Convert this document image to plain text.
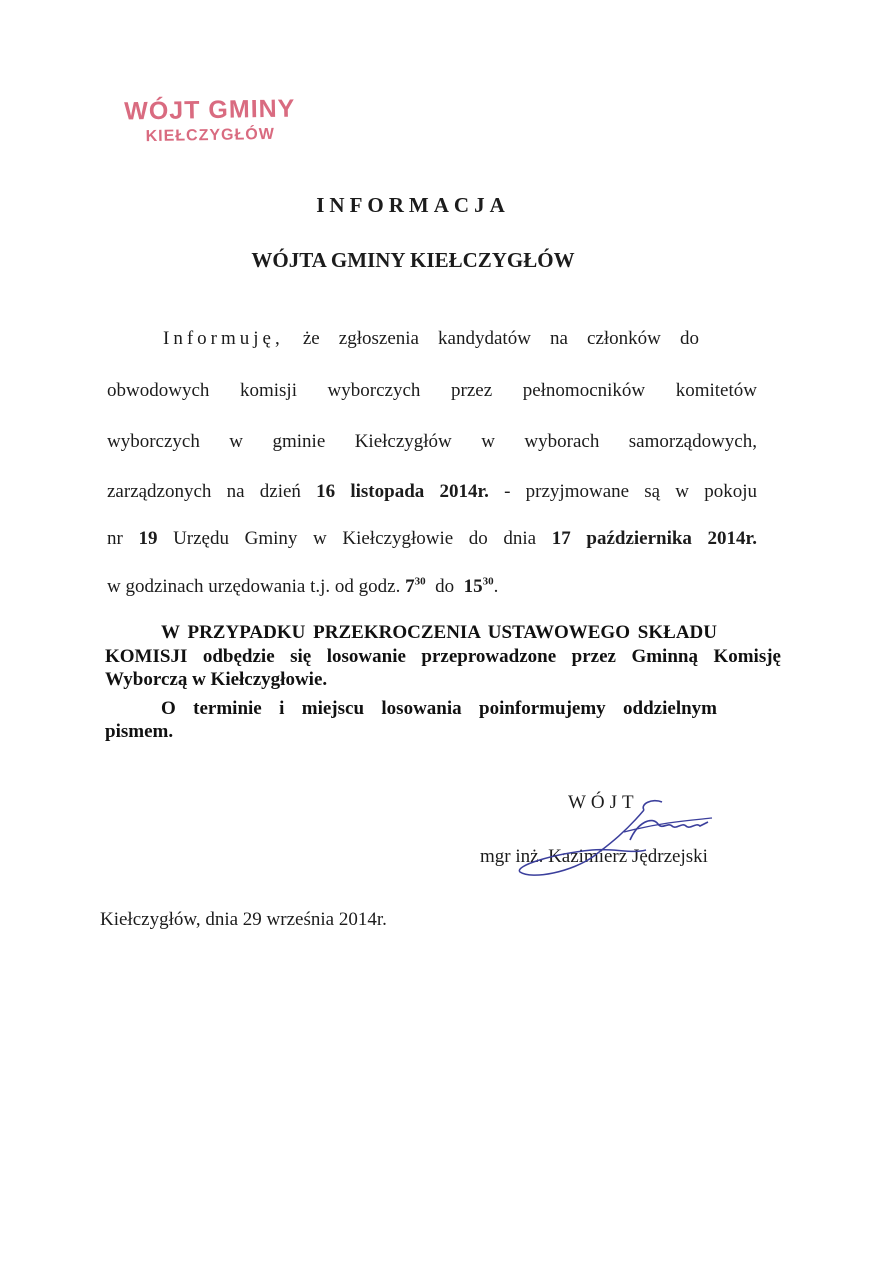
WÓJT GMINY
KIEŁCZYGŁÓW
INFORMACJA
WÓJTA GMINY KIEŁCZYGŁÓW
Informuję, że zgłoszenia kandydatów na członków do
obwodowych komisji wyborczych przez pełnomocników komitetów
wyborczych w gminie Kiełczygłów w wyborach samorządowych,
zarządzonych na dzień 16 listopada 2014r. - przyjmowane są w pokoju
nr 19 Urzędu Gminy w Kiełczygłowie do dnia 17 października 2014r.
w godzinach urzędowania t.j. od godz. $7^{30}$ do $15^{30}$.
W PRZYPADKU PRZEKROCZENIA USTAWOWEGO SKŁADU
KOMISJI odbędzie się losowanie przeprowadzone przez Gminną Komisję
Wyborczą w Kiełczygłowie.
O terminie i miejscu losowania poinformujemy oddzielnym
pismem.
WÓJT
mgr inż. Kazimierz Jędrzejski
Kiełczygłów, dnia 29 września 2014r.
